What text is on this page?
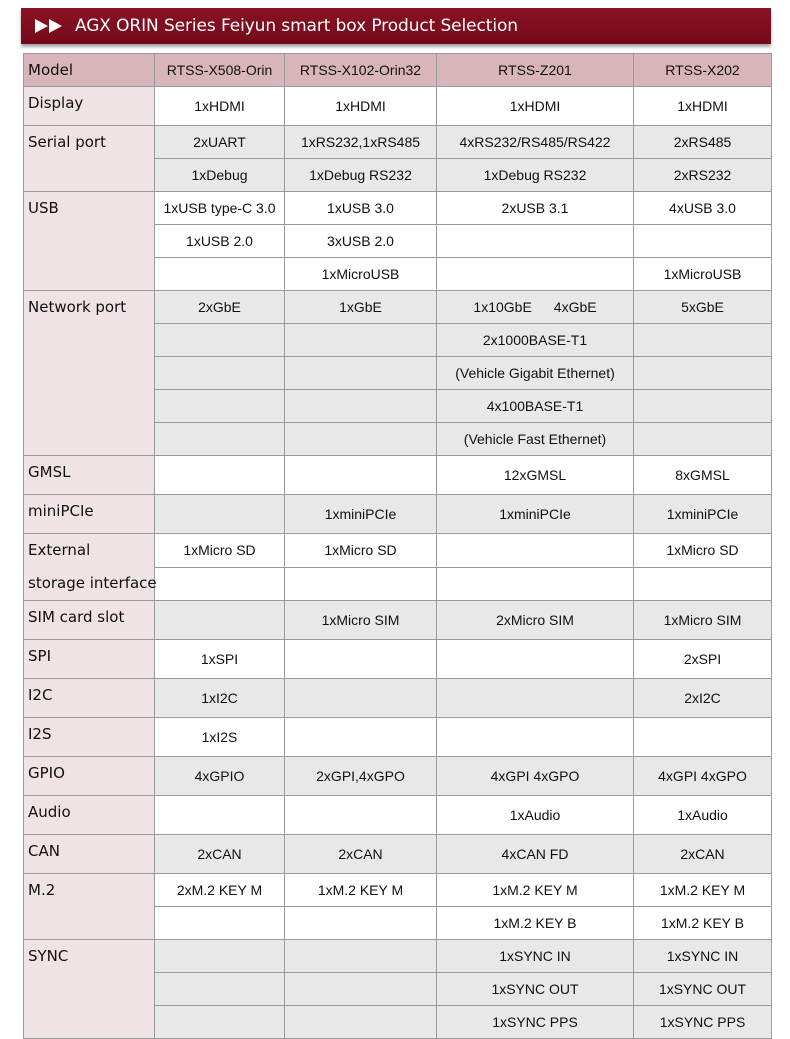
AGX ORIN Series Feiyun smart box Product Selection
Model	RTSS-X508-Orin	RTSS-X102-Orin32	RTSS-Z201	RTSS-X202
Display	1xHDMI	1xHDMI	1xHDMI	1xHDMI
Serial port	2xUART	1xRS232,1xRS485	4xRS232/RS485/RS422	2xRS485
	1xDebug	1xDebug RS232	1xDebug RS232	2xRS232
USB	1xUSB type-C 3.0	1xUSB 3.0	2xUSB 3.1	4xUSB 3.0
	1xUSB 2.0	3xUSB 2.0		
		1xMicroUSB		1xMicroUSB
Network port	2xGbE	1xGbE	1x10GbE 4xGbE	5xGbE
			2x1000BASE-T1	
			(Vehicle Gigabit Ethernet)	
			4x100BASE-T1	
			(Vehicle Fast Ethernet)	
GMSL			12xGMSL	8xGMSL
miniPCIe		1xminiPCIe	1xminiPCIe	1xminiPCIe
External
storage interface	1xMicro SD	1xMicro SD		1xMicro SD

SIM card slot		1xMicro SIM	2xMicro SIM	1xMicro SIM
SPI	1xSPI			2xSPI
I2C	1xI2C			2xI2C
I2S	1xI2S			
GPIO	4xGPIO	2xGPI,4xGPO	4xGPI 4xGPO	4xGPI 4xGPO
Audio			1xAudio	1xAudio
CAN	2xCAN	2xCAN	4xCAN FD	2xCAN
M.2	2xM.2 KEY M	1xM.2 KEY M	1xM.2 KEY M	1xM.2 KEY M
			1xM.2 KEY B	1xM.2 KEY B
SYNC			1xSYNC IN	1xSYNC IN
			1xSYNC OUT	1xSYNC OUT
			1xSYNC PPS	1xSYNC PPS
